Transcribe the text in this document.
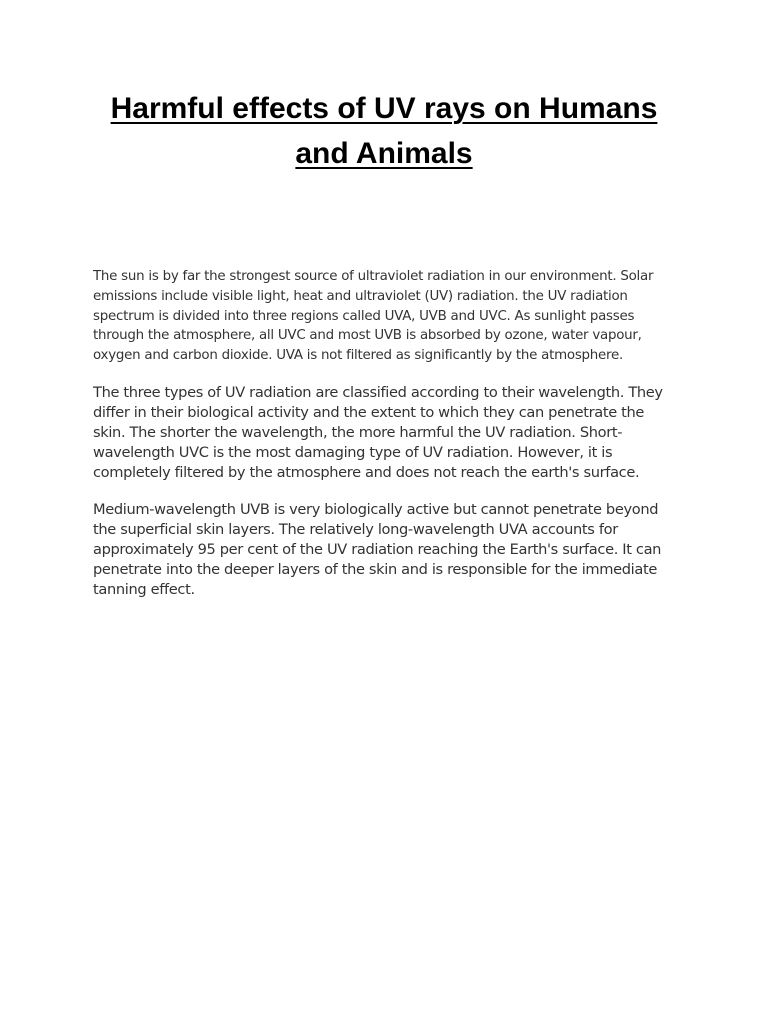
Harmful effects of UV rays on Humans and Animals

The sun is by far the strongest source of ultraviolet radiation in our environment. Solar emissions include visible light, heat and ultraviolet (UV) radiation. the UV radiation spectrum is divided into three regions called UVA, UVB and UVC. As sunlight passes through the atmosphere, all UVC and most UVB is absorbed by ozone, water vapour, oxygen and carbon dioxide. UVA is not filtered as significantly by the atmosphere.

The three types of UV radiation are classified according to their wavelength. They differ in their biological activity and the extent to which they can penetrate the skin. The shorter the wavelength, the more harmful the UV radiation. Short-wavelength UVC is the most damaging type of UV radiation. However, it is completely filtered by the atmosphere and does not reach the earth's surface.

Medium-wavelength UVB is very biologically active but cannot penetrate beyond the superficial skin layers. The relatively long-wavelength UVA accounts for approximately 95 per cent of the UV radiation reaching the Earth's surface. It can penetrate into the deeper layers of the skin and is responsible for the immediate tanning effect.
